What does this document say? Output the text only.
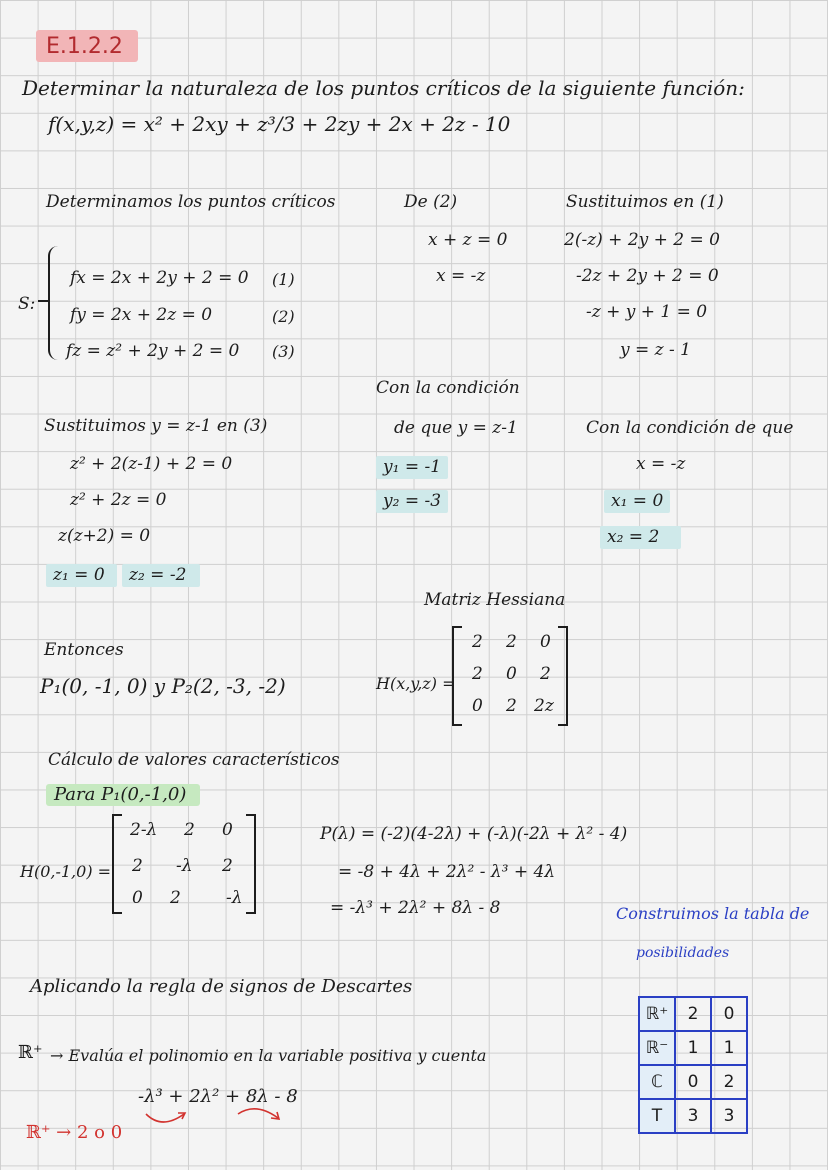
E.1.2.2
Determinar la naturaleza de los puntos críticos de la siguiente función:
f(x,y,z) = x² + 2xy + z³/3 + 2zy + 2x + 2z - 10
Determinamos los puntos críticos
S:
fx = 2x + 2y + 2 = 0 (1)
fy = 2x + 2z = 0	(2)
fz = z² + 2y + 2 = 0 (3)
De (2)
x + z = 0
x = -z
Sustituimos en (1)
2(-z) + 2y + 2 = 0
-2z + 2y + 2 = 0
-z + y + 1 = 0
y = z - 1
Con la condición
de que y = z-1
y₁ = -1
y₂ = -3
Con la condición de que
x = -z
x₁ = 0
x₂ = 2
Sustituimos y = z-1 en (3)
z² + 2(z-1) + 2 = 0
z² + 2z = 0
z(z+2) = 0
z₁ = 0	z₂ = -2
Matriz Hessiana
H(x,y,z) =
2 2 0
2 0 2
0 2 2z
Entonces
P₁(0, -1, 0) y P₂(2, -3, -2)
Cálculo de valores característicos
Para P₁(0,-1,0)
H(0,-1,0) =
2-λ 2 0
2 -λ 2
0 2	-λ
P(λ) = (-2)(4-2λ) + (-λ)(-2λ + λ² - 4)
= -8 + 4λ + 2λ² - λ³ + 4λ
= -λ³ + 2λ² + 8λ - 8	Construimos la tabla de
posibilidades
Aplicando la regla de signos de Descartes
ℝ⁺ → Evalúa el polinomio en la variable positiva y cuenta
-λ³ + 2λ² + 8λ - 8
ℝ⁺ → 2 o 0
ℝ⁺	2	0
ℝ⁻	1	1
ℂ	0	2
T	3	3
